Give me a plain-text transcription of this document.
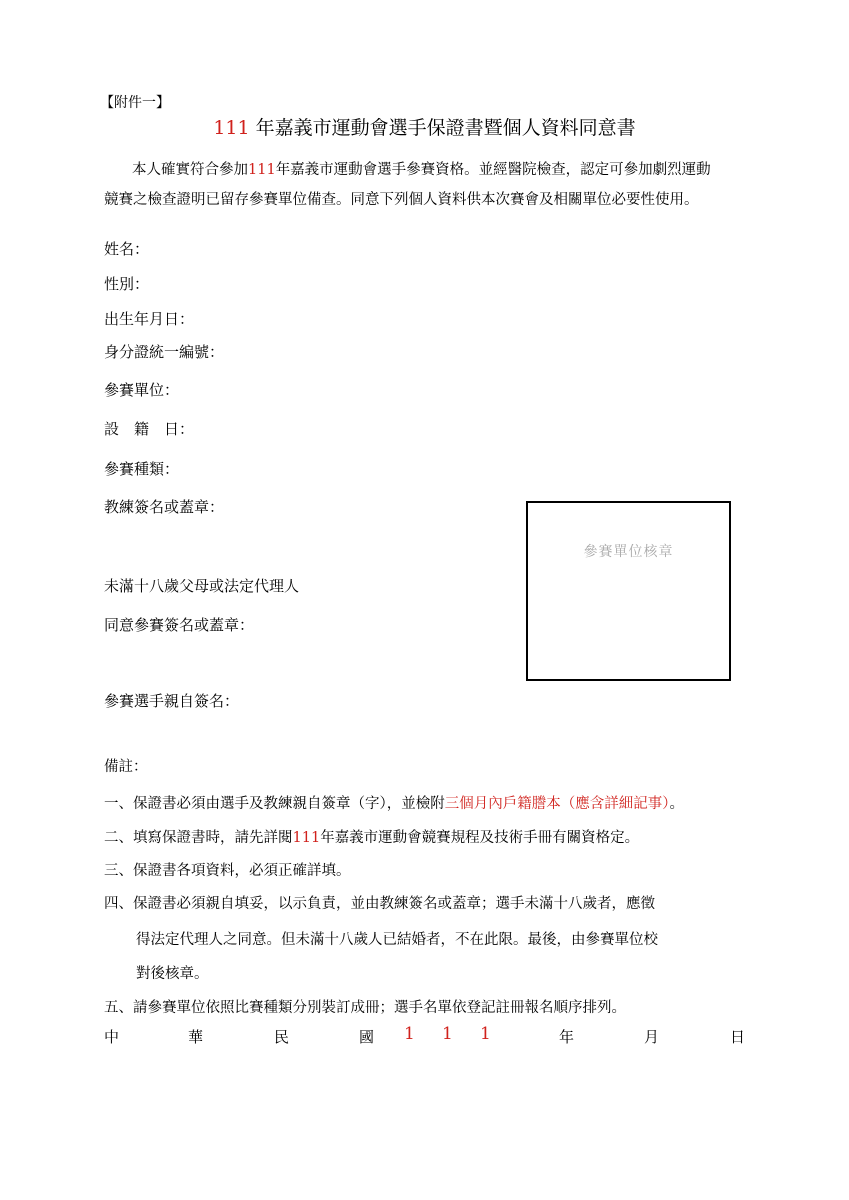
【附件一】
111 年嘉義市運動會選手保證書暨個人資料同意書
本人確實符合參加111年嘉義市運動會選手參賽資格。並經醫院檢查，認定可參加劇烈運動
競賽之檢查證明已留存參賽單位備查。同意下列個人資料供本次賽會及相關單位必要性使用。
姓名：
性別：
出生年月日：
身分證統一編號：
參賽單位：
設　籍　日：
參賽種類：
教練簽名或蓋章：
未滿十八歲父母或法定代理人
同意參賽簽名或蓋章：
參賽選手親自簽名：
參賽單位核章
備註：
一、保證書必須由選手及教練親自簽章（字），並檢附三個月內戶籍謄本（應含詳細記事）。
二、填寫保證書時，請先詳閱111年嘉義市運動會競賽規程及技術手冊有關資格定。
三、保證書各項資料，必須正確詳填。
四、保證書必須親自填妥，以示負責，並由教練簽名或蓋章；選手未滿十八歲者，應徵
得法定代理人之同意。但未滿十八歲人已結婚者，不在此限。最後，由參賽單位校
對後核章。
五、請參賽單位依照比賽種類分別裝訂成冊；選手名單依登記註冊報名順序排列。
中	華	民	國 1 1 1	年	月	日
